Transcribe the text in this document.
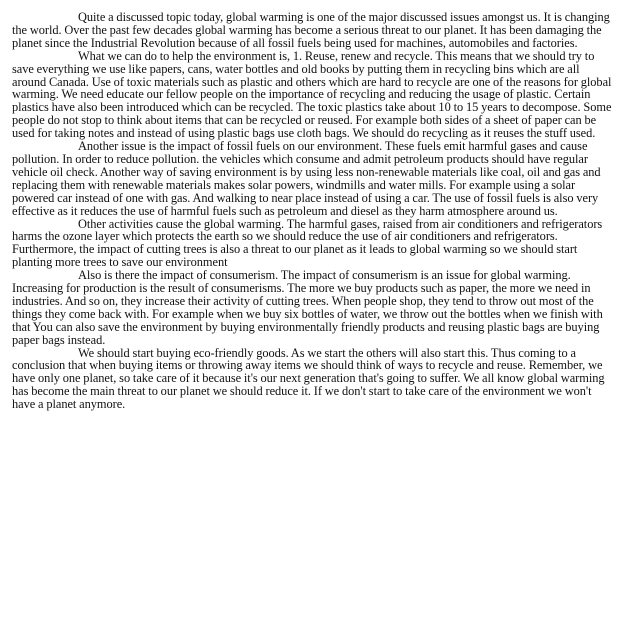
Quite a discussed topic today, global warming is one of the major discussed issues amongst us. It is changing the world. Over the past few decades global warming has become a serious threat to our planet. It has been damaging the planet since the Industrial Revolution because of all fossil fuels being used for machines, automobiles and factories.

What we can do to help the environment is, 1. Reuse, renew and recycle. This means that we should try to save everything we use like papers, cans, water bottles and old books by putting them in recycling bins which are all around Canada. Use of toxic materials such as plastic and others which are hard to recycle are one of the reasons for global warming. We need educate our fellow people on the importance of recycling and reducing the usage of plastic. Certain plastics have also been introduced which can be recycled. The toxic plastics take about 10 to 15 years to decompose. Some people do not stop to think about items that can be recycled or reused. For example both sides of a sheet of paper can be used for taking notes and instead of using plastic bags use cloth bags. We should do recycling as it reuses the stuff used.

Another issue is the impact of fossil fuels on our environment. These fuels emit harmful gases and cause pollution. In order to reduce pollution. the vehicles which consume and admit petroleum products should have regular vehicle oil check. Another way of saving environment is by using less non-renewable materials like coal, oil and gas and replacing them with renewable materials makes solar powers, windmills and water mills. For example using a solar powered car instead of one with gas. And walking to near place instead of using a car. The use of fossil fuels is also very effective as it reduces the use of harmful fuels such as petroleum and diesel as they harm atmosphere around us.

Other activities cause the global warming. The harmful gases, raised from air conditioners and refrigerators harms the ozone layer which protects the earth so we should reduce the use of air conditioners and refrigerators. Furthermore, the impact of cutting trees is also a threat to our planet as it leads to global warming so we should start planting more trees to save our environment

Also is there the impact of consumerism. The impact of consumerism is an issue for global warming. Increasing for production is the result of consumerisms. The more we buy products such as paper, the more we need in industries. And so on, they increase their activity of cutting trees. When people shop, they tend to throw out most of the things they come back with. For example when we buy six bottles of water, we throw out the bottles when we finish with that You can also save the environment by buying environmentally friendly products and reusing plastic bags are buying paper bags instead.

We should start buying eco-friendly goods. As we start the others will also start this. Thus coming to a conclusion that when buying items or throwing away items we should think of ways to recycle and reuse. Remember, we have only one planet, so take care of it because it's our next generation that's going to suffer. We all know global warming has become the main threat to our planet we should reduce it. If we don't start to take care of the environment we won't have a planet anymore.
